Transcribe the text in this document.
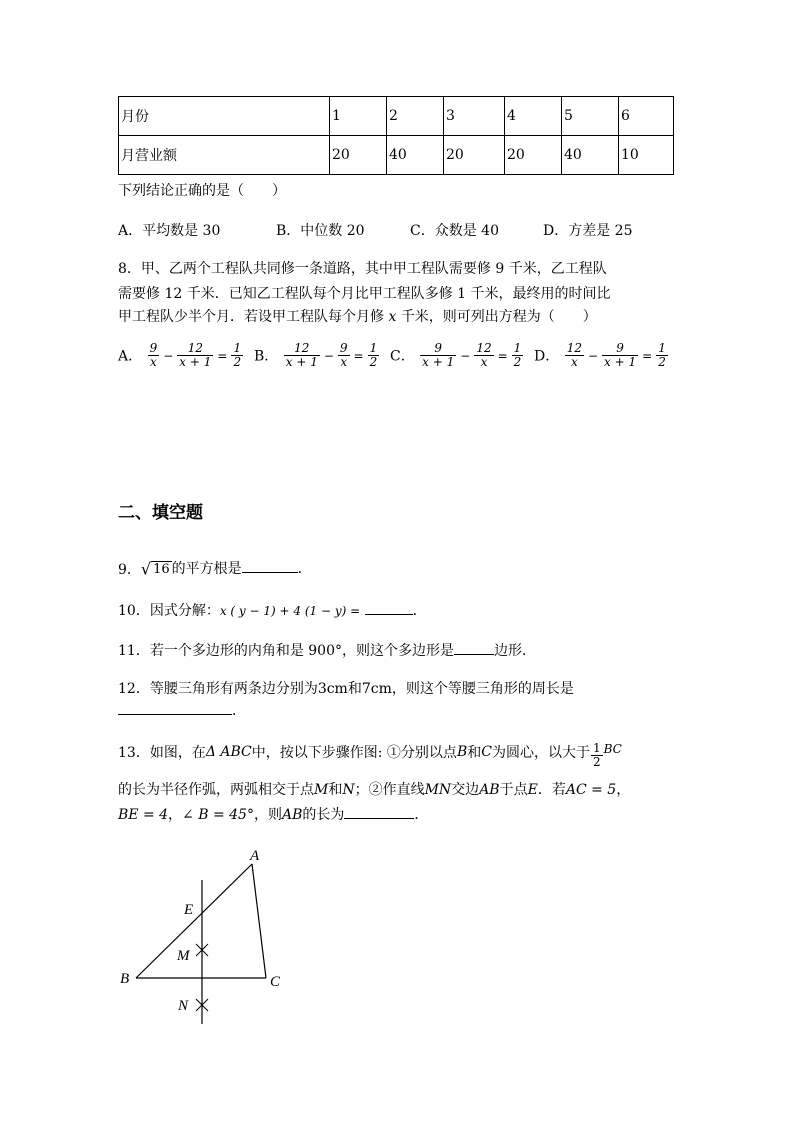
月份	1	2	3	4	5	6
月营业额	20	40	20	20	40	10
下列结论正确的是（　　）
A．平均数是 30	B．中位数 20	C．众数是 40	D．方差是 25
8．甲、乙两个工程队共同修一条道路，其中甲工程队需要修 9 千米，乙工程队
需要修 12 千米．已知乙工程队每个月比甲工程队多修 1 千米，最终用的时间比
甲工程队少半个月．若设甲工程队每个月修 x 千米，则可列出方程为（　　）
A． $\frac{9}{x} - \frac{12}{x + 1} = \frac{1}{2}$ B． $\frac{12}{x + 1} - \frac{9}{x} = \frac{1}{2}$ C． $\frac{9}{x + 1} - \frac{12}{x} = \frac{1}{2}$ D． $\frac{12}{x} - \frac{9}{x + 1} = \frac{1}{2}$
二、填空题
9．√ 16 的平方根是	．
10．因式分解：x ( y − 1) + 4 (1 − y) =	．
11．若一个多边形的内角和是 900°，则这个多边形是	边形．
12．等腰三角形有两条边分别为3cm和7cm，则这个等腰三角形的周长是
．
13．如图，在Δ ABC中，按以下步骤作图: ①分别以点B和C为圆心，以大于 $\frac{1}{2}$ BC
的长为半径作弧，两弧相交于点M和N；②作直线MN交边AB于点E．若AC = 5，
BE = 4，∠ B = 45°，则AB的长为	．
A
B	C
E
M
N
